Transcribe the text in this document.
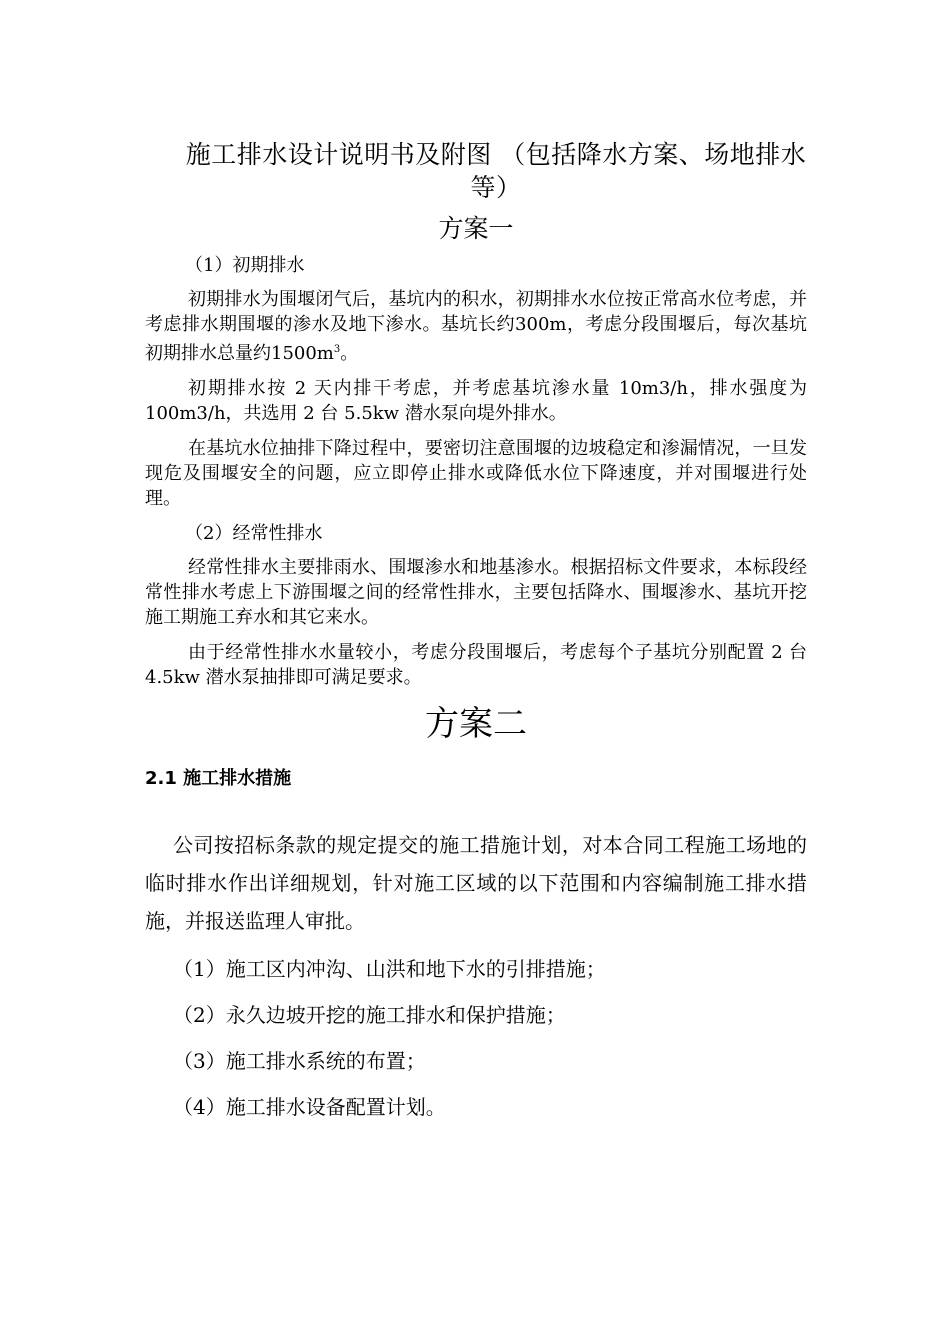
施工排水设计说明书及附图 （包括降水方案、场地排水等）
方案一
（1）初期排水
初期排水为围堰闭气后，基坑内的积水，初期排水水位按正常高水位考虑，并考虑排水期围堰的渗水及地下渗水。基坑长约300m，考虑分段围堰后，每次基坑初期排水总量约$1500m^3$。
初期排水按 2 天内排干考虑，并考虑基坑渗水量 10m3/h，排水强度为 100m3/h，共选用 2 台 5.5kw 潜水泵向堤外排水。
在基坑水位抽排下降过程中，要密切注意围堰的边坡稳定和渗漏情况，一旦发现危及围堰安全的问题，应立即停止排水或降低水位下降速度，并对围堰进行处理。
（2）经常性排水
经常性排水主要排雨水、围堰渗水和地基渗水。根据招标文件要求，本标段经常性排水考虑上下游围堰之间的经常性排水，主要包括降水、围堰渗水、基坑开挖施工期施工弃水和其它来水。
由于经常性排水水量较小，考虑分段围堰后，考虑每个子基坑分别配置 2 台 4.5kw 潜水泵抽排即可满足要求。
方案二
2.1 施工排水措施
公司按招标条款的规定提交的施工措施计划，对本合同工程施工场地的临时排水作出详细规划，针对施工区域的以下范围和内容编制施工排水措施，并报送监理人审批。
（1）施工区内冲沟、山洪和地下水的引排措施；
（2）永久边坡开挖的施工排水和保护措施；
（3）施工排水系统的布置；
（4）施工排水设备配置计划。
